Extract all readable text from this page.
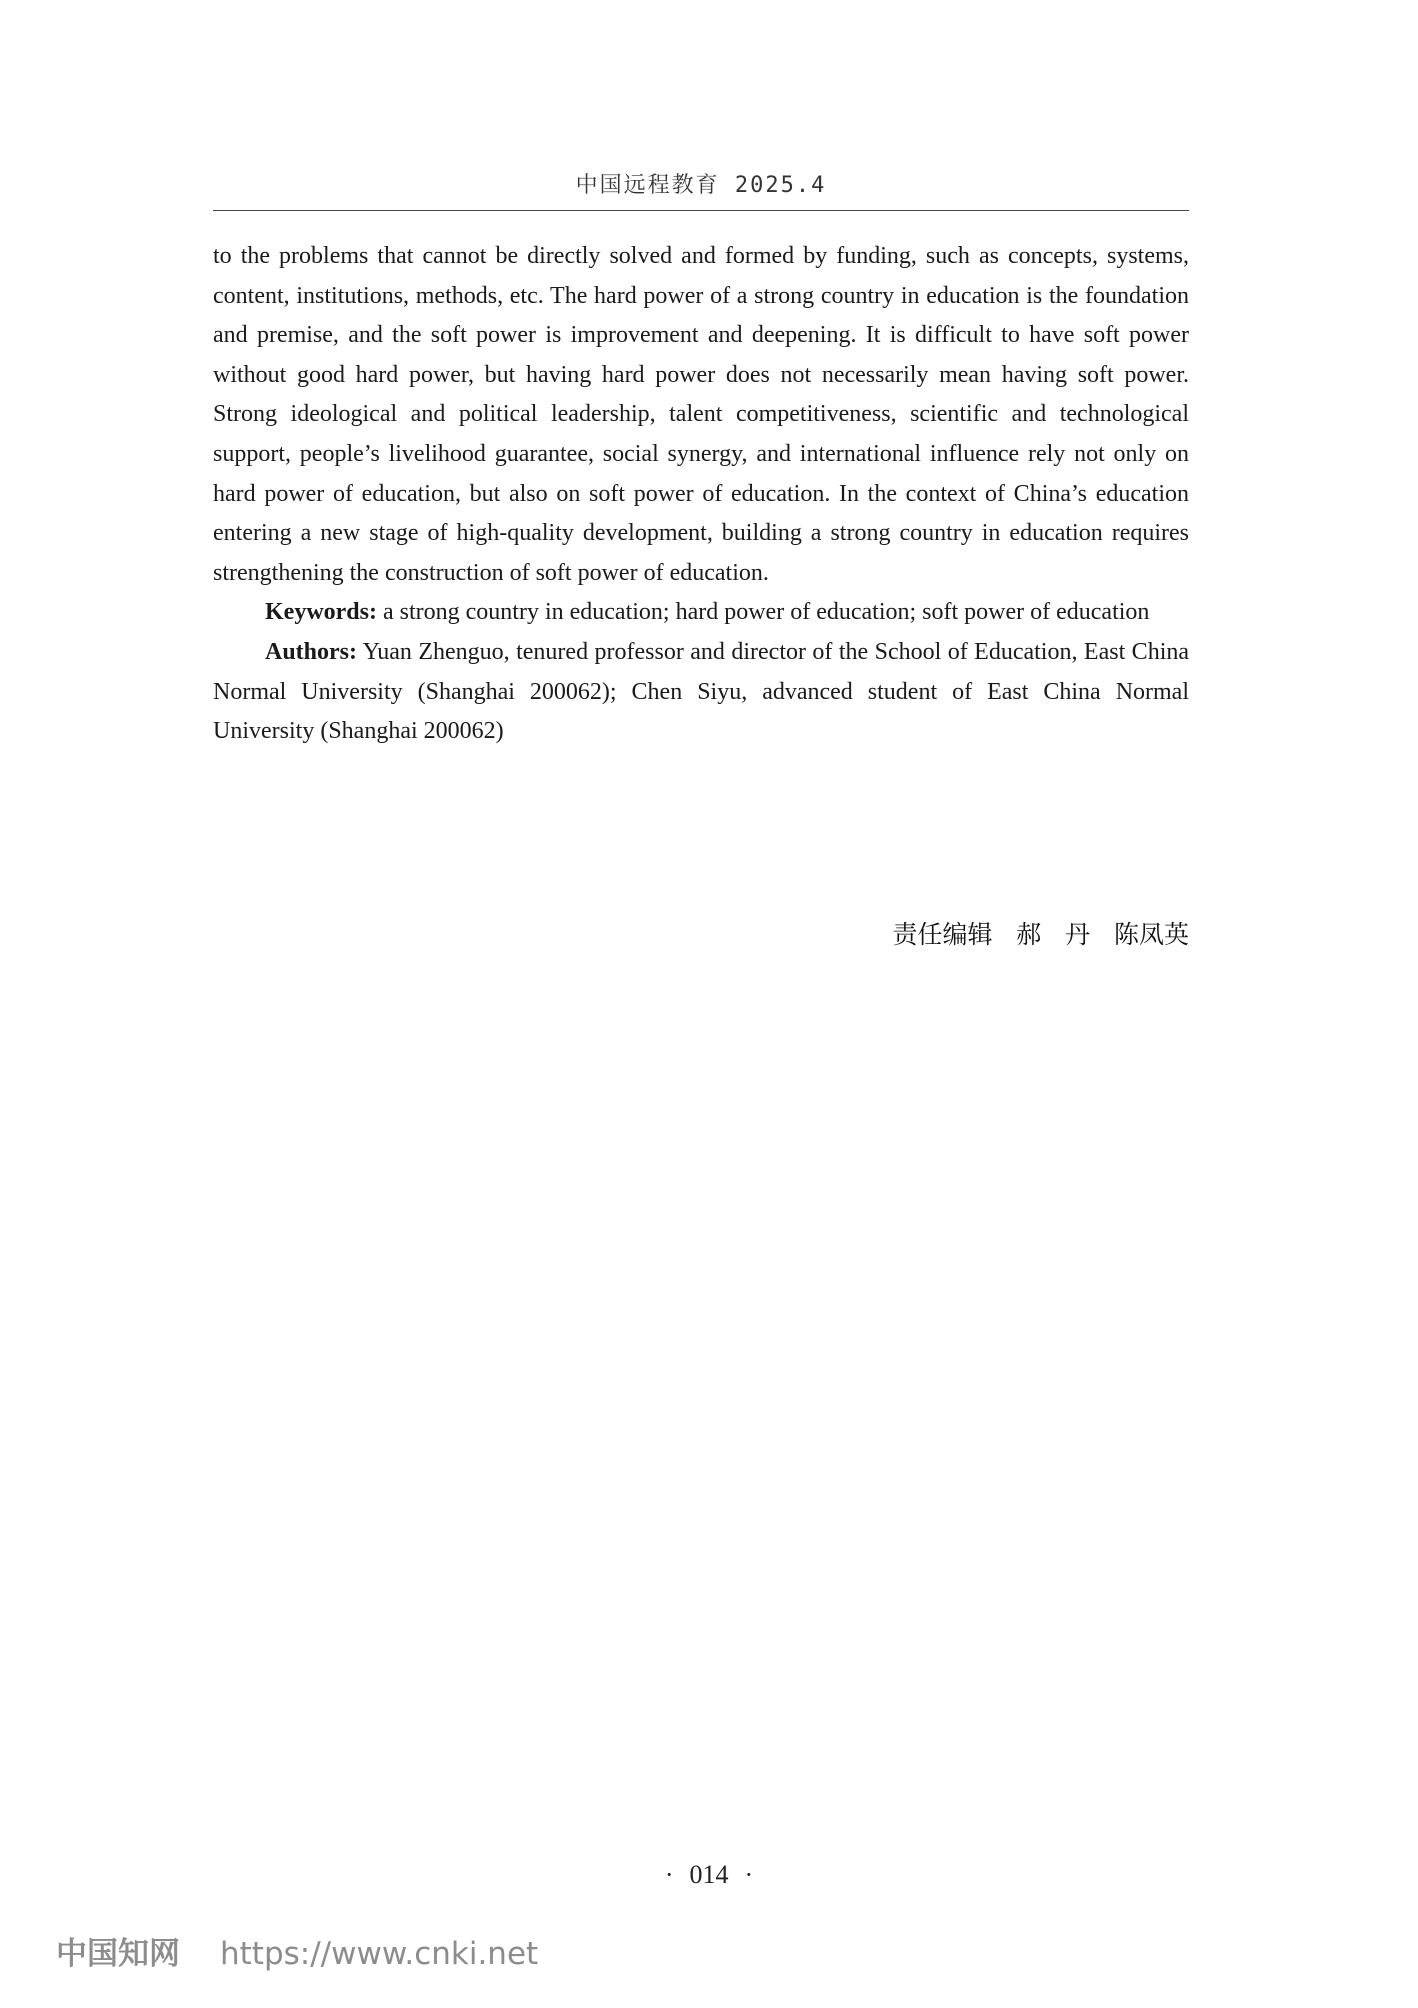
中国远程教育 2025.4

to the problems that cannot be directly solved and formed by funding, such as concepts, systems, content, institutions, methods, etc. The hard power of a strong country in education is the foundation and premise, and the soft power is improvement and deepening. It is difficult to have soft power without good hard power, but having hard power does not necessarily mean having soft power. Strong ideological and political leadership, talent competitiveness, scientific and technological support, people’s livelihood guarantee, social synergy, and international influence rely not only on hard power of education, but also on soft power of education. In the context of China’s education entering a new stage of high-quality development, building a strong country in education requires strengthening the construction of soft power of education.

Keywords: a strong country in education; hard power of education; soft power of education

Authors: Yuan Zhenguo, tenured professor and director of the School of Education, East China Normal University (Shanghai 200062); Chen Siyu, advanced student of East China Normal University (Shanghai 200062)

责任编辑   郝   丹   陈凤英
· 014 ·
中国知网 https://www.cnki.net
